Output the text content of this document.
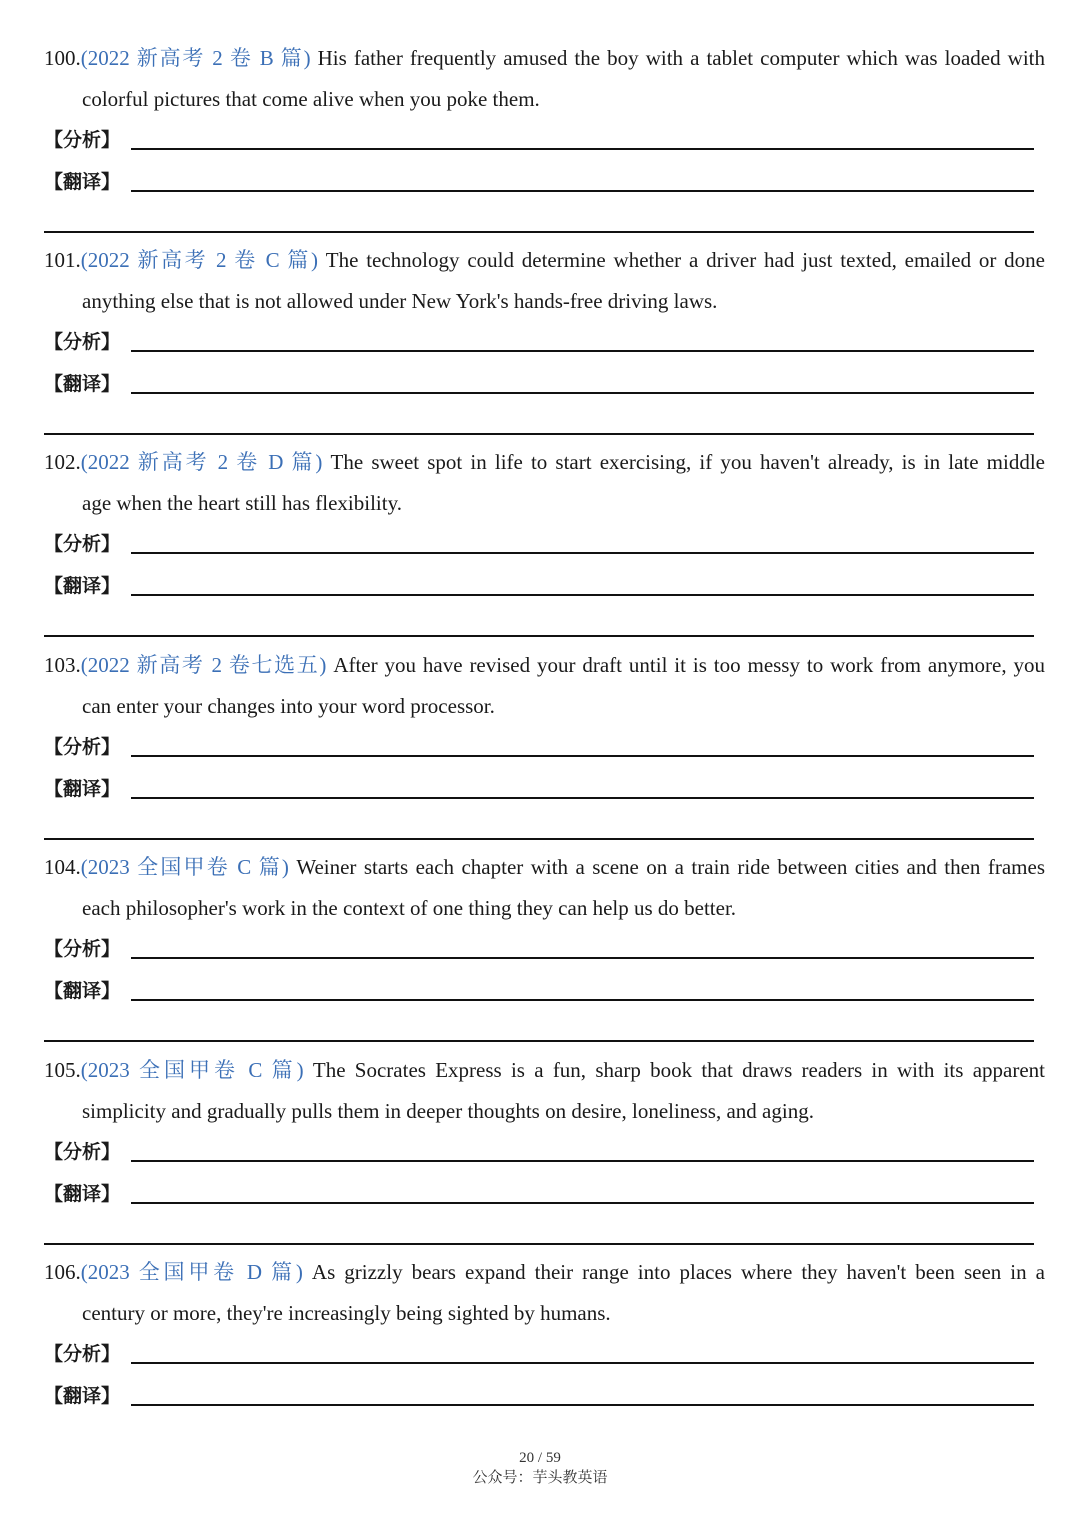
100.(2022 新高考 2 卷 B 篇) His father frequently amused the boy with a tablet computer which was loaded with
colorful pictures that come alive when you poke them.
【分析】
【翻译】
101.(2022 新高考 2 卷 C 篇) The technology could determine whether a driver had just texted, emailed or done
anything else that is not allowed under New York's hands-free driving laws.
【分析】
【翻译】
102.(2022 新高考 2 卷 D 篇) The sweet spot in life to start exercising, if you haven't already, is in late middle
age when the heart still has flexibility.
【分析】
【翻译】
103.(2022 新高考 2 卷七选五) After you have revised your draft until it is too messy to work from anymore, you
can enter your changes into your word processor.
【分析】
【翻译】
104.(2023 全国甲卷 C 篇) Weiner starts each chapter with a scene on a train ride between cities and then frames
each philosopher's work in the context of one thing they can help us do better.
【分析】
【翻译】
105.(2023 全国甲卷 C 篇) The Socrates Express is a fun, sharp book that draws readers in with its apparent
simplicity and gradually pulls them in deeper thoughts on desire, loneliness, and aging.
【分析】
【翻译】
106.(2023 全国甲卷 D 篇) As grizzly bears expand their range into places where they haven't been seen in a
century or more, they're increasingly being sighted by humans.
【分析】
【翻译】
20 / 59
公众号：芋头教英语
